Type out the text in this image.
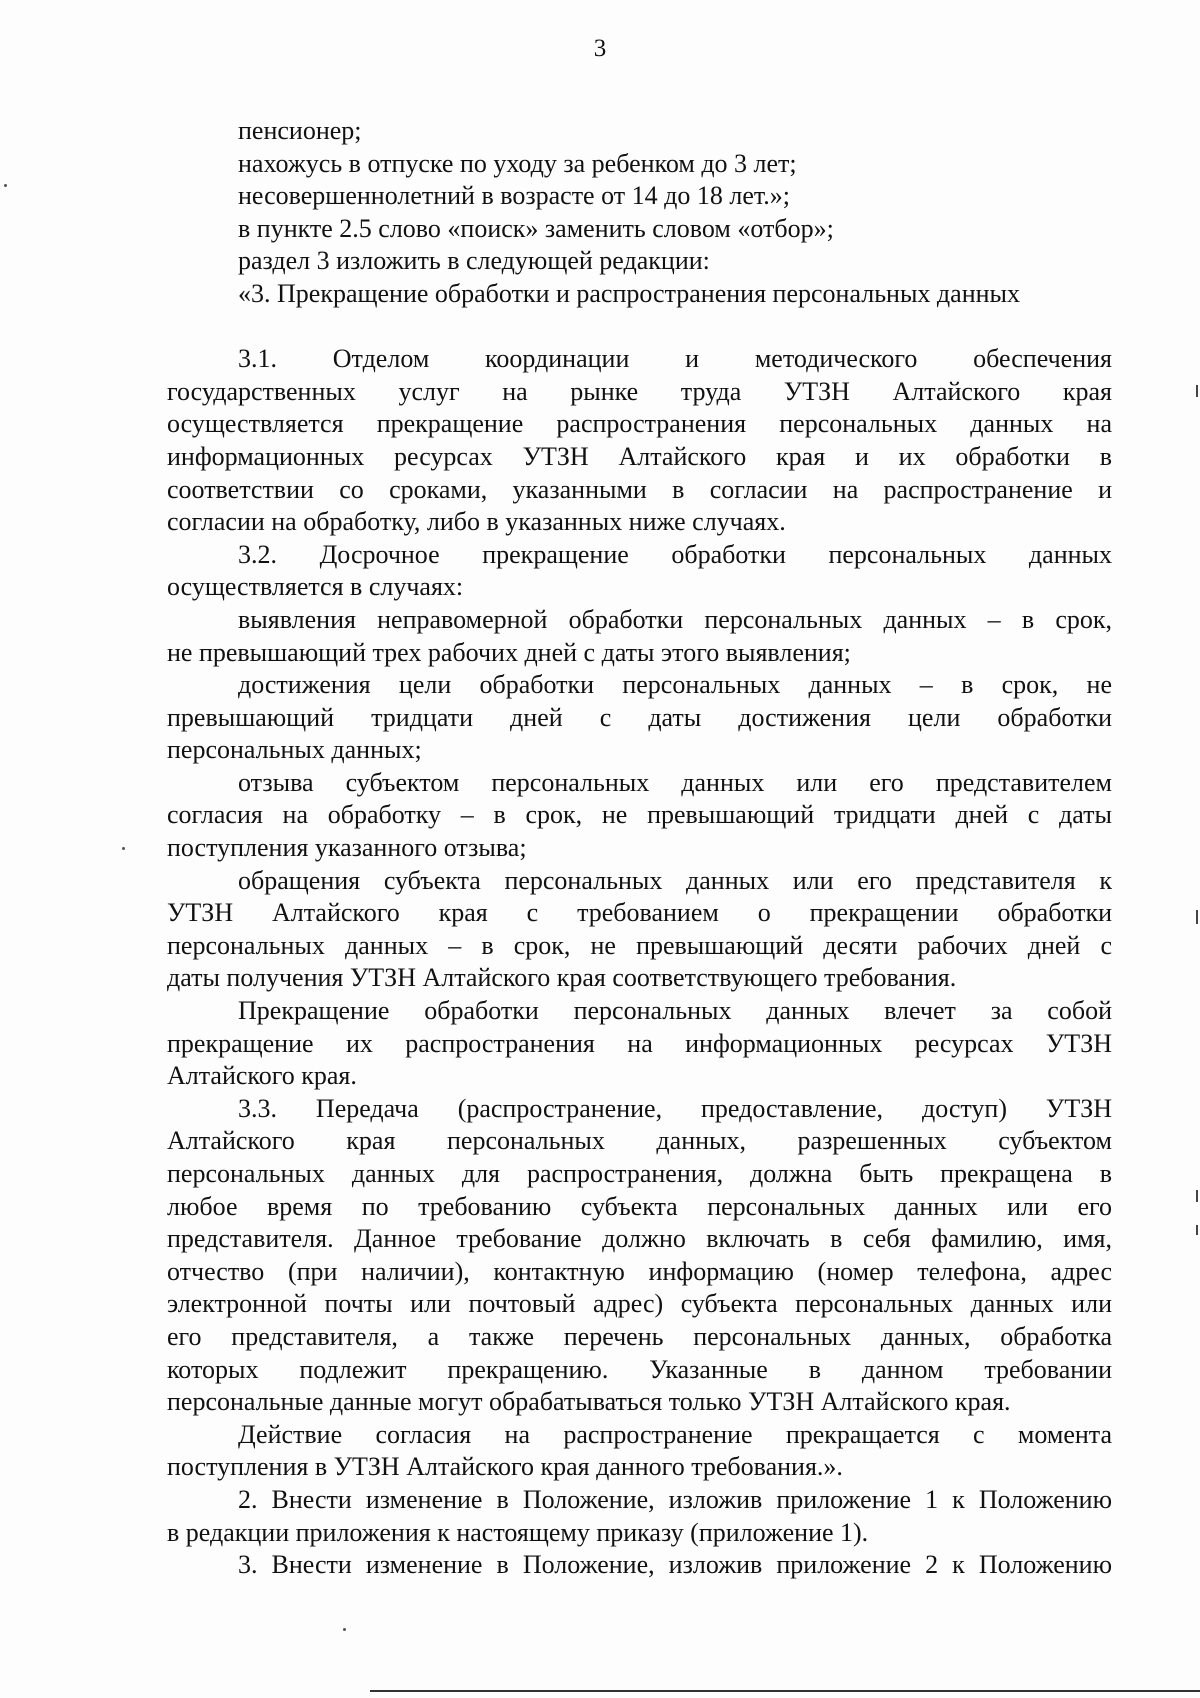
3
пенсионер;
нахожусь в отпуске по уходу за ребенком до 3 лет;
несовершеннолетний в возрасте от 14 до 18 лет.»;
в пункте 2.5 слово «поиск» заменить словом «отбор»;
раздел 3 изложить в следующей редакции:
«3. Прекращение обработки и распространения персональных данных
3.1. Отделом координации и методического обеспечения
государственных услуг на рынке труда УТЗН Алтайского края
осуществляется прекращение распространения персональных данных на
информационных ресурсах УТЗН Алтайского края и их обработки в
соответствии со сроками, указанными в согласии на распространение и
согласии на обработку, либо в указанных ниже случаях.
3.2. Досрочное прекращение обработки персональных данных
осуществляется в случаях:
выявления неправомерной обработки персональных данных – в срок,
не превышающий трех рабочих дней с даты этого выявления;
достижения цели обработки персональных данных – в срок, не
превышающий тридцати дней с даты достижения цели обработки
персональных данных;
отзыва субъектом персональных данных или его представителем
согласия на обработку – в срок, не превышающий тридцати дней с даты
поступления указанного отзыва;
обращения субъекта персональных данных или его представителя к
УТЗН Алтайского края с требованием о прекращении обработки
персональных данных – в срок, не превышающий десяти рабочих дней с
даты получения УТЗН Алтайского края соответствующего требования.
Прекращение обработки персональных данных влечет за собой
прекращение их распространения на информационных ресурсах УТЗН
Алтайского края.
3.3. Передача (распространение, предоставление, доступ) УТЗН
Алтайского края персональных данных, разрешенных субъектом
персональных данных для распространения, должна быть прекращена в
любое время по требованию субъекта персональных данных или его
представителя. Данное требование должно включать в себя фамилию, имя,
отчество (при наличии), контактную информацию (номер телефона, адрес
электронной почты или почтовый адрес) субъекта персональных данных или
его представителя, а также перечень персональных данных, обработка
которых подлежит прекращению. Указанные в данном требовании
персональные данные могут обрабатываться только УТЗН Алтайского края.
Действие согласия на распространение прекращается с момента
поступления в УТЗН Алтайского края данного требования.».
2. Внести изменение в Положение, изложив приложение 1 к Положению
в редакции приложения к настоящему приказу (приложение 1).
3. Внести изменение в Положение, изложив приложение 2 к Положению
